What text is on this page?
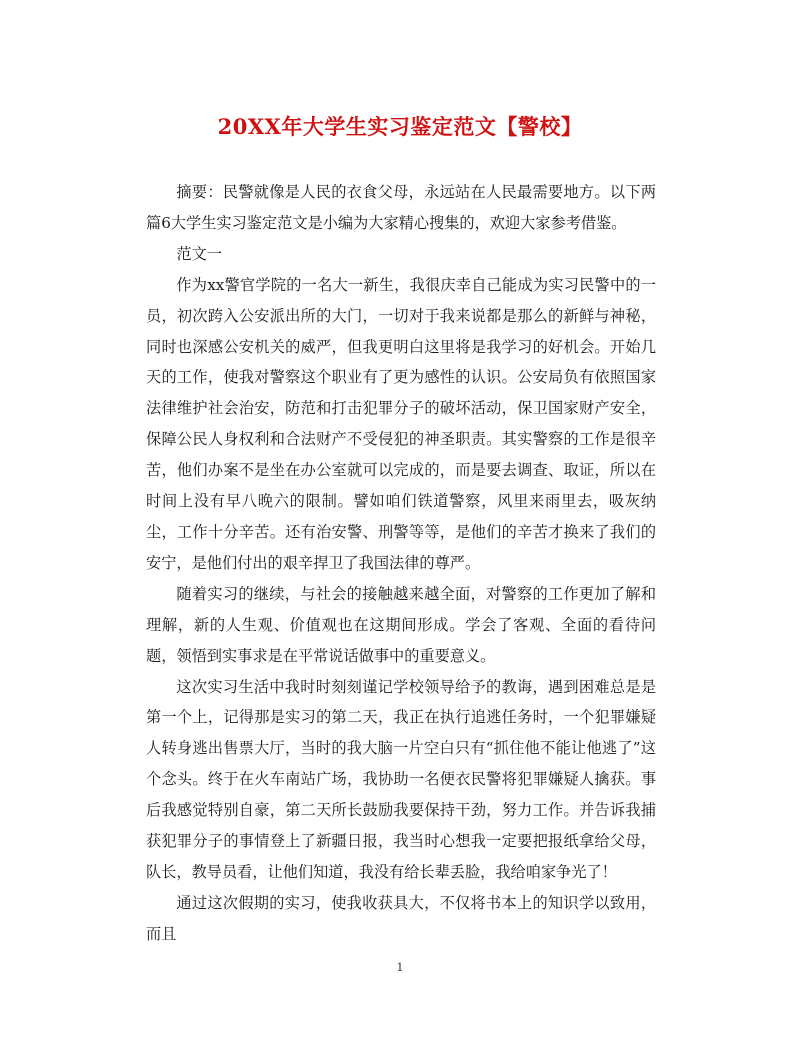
20XX年大学生实习鉴定范文【警校】

摘要：民警就像是人民的衣食父母，永远站在人民最需要地方。以下两篇6大学生实习鉴定范文是小编为大家精心搜集的，欢迎大家参考借鉴。

范文一

作为xx警官学院的一名大一新生，我很庆幸自己能成为实习民警中的一员，初次跨入公安派出所的大门，一切对于我来说都是那么的新鲜与神秘，同时也深感公安机关的威严，但我更明白这里将是我学习的好机会。开始几天的工作，使我对警察这个职业有了更为感性的认识。公安局负有依照国家法律维护社会治安，防范和打击犯罪分子的破坏活动，保卫国家财产安全，保障公民人身权利和合法财产不受侵犯的神圣职责。其实警察的工作是很辛苦，他们办案不是坐在办公室就可以完成的，而是要去调查、取证，所以在时间上没有早八晚六的限制。譬如咱们铁道警察，风里来雨里去，吸灰纳尘，工作十分辛苦。还有治安警、刑警等等，是他们的辛苦才换来了我们的安宁，是他们付出的艰辛捍卫了我国法律的尊严。

随着实习的继续，与社会的接触越来越全面，对警察的工作更加了解和理解，新的人生观、价值观也在这期间形成。学会了客观、全面的看待问题，领悟到实事求是在平常说话做事中的重要意义。

这次实习生活中我时时刻刻谨记学校领导给予的教诲，遇到困难总是是第一个上，记得那是实习的第二天，我正在执行追逃任务时，一个犯罪嫌疑人转身逃出售票大厅，当时的我大脑一片空白只有“抓住他不能让他逃了”这个念头。终于在火车南站广场，我协助一名便衣民警将犯罪嫌疑人擒获。事后我感觉特别自豪，第二天所长鼓励我要保持干劲，努力工作。并告诉我捕获犯罪分子的事情登上了新疆日报，我当时心想我一定要把报纸拿给父母，队长，教导员看，让他们知道，我没有给长辈丢脸，我给咱家争光了！

通过这次假期的实习，使我收获具大，不仅将书本上的知识学以致用，而且

1
